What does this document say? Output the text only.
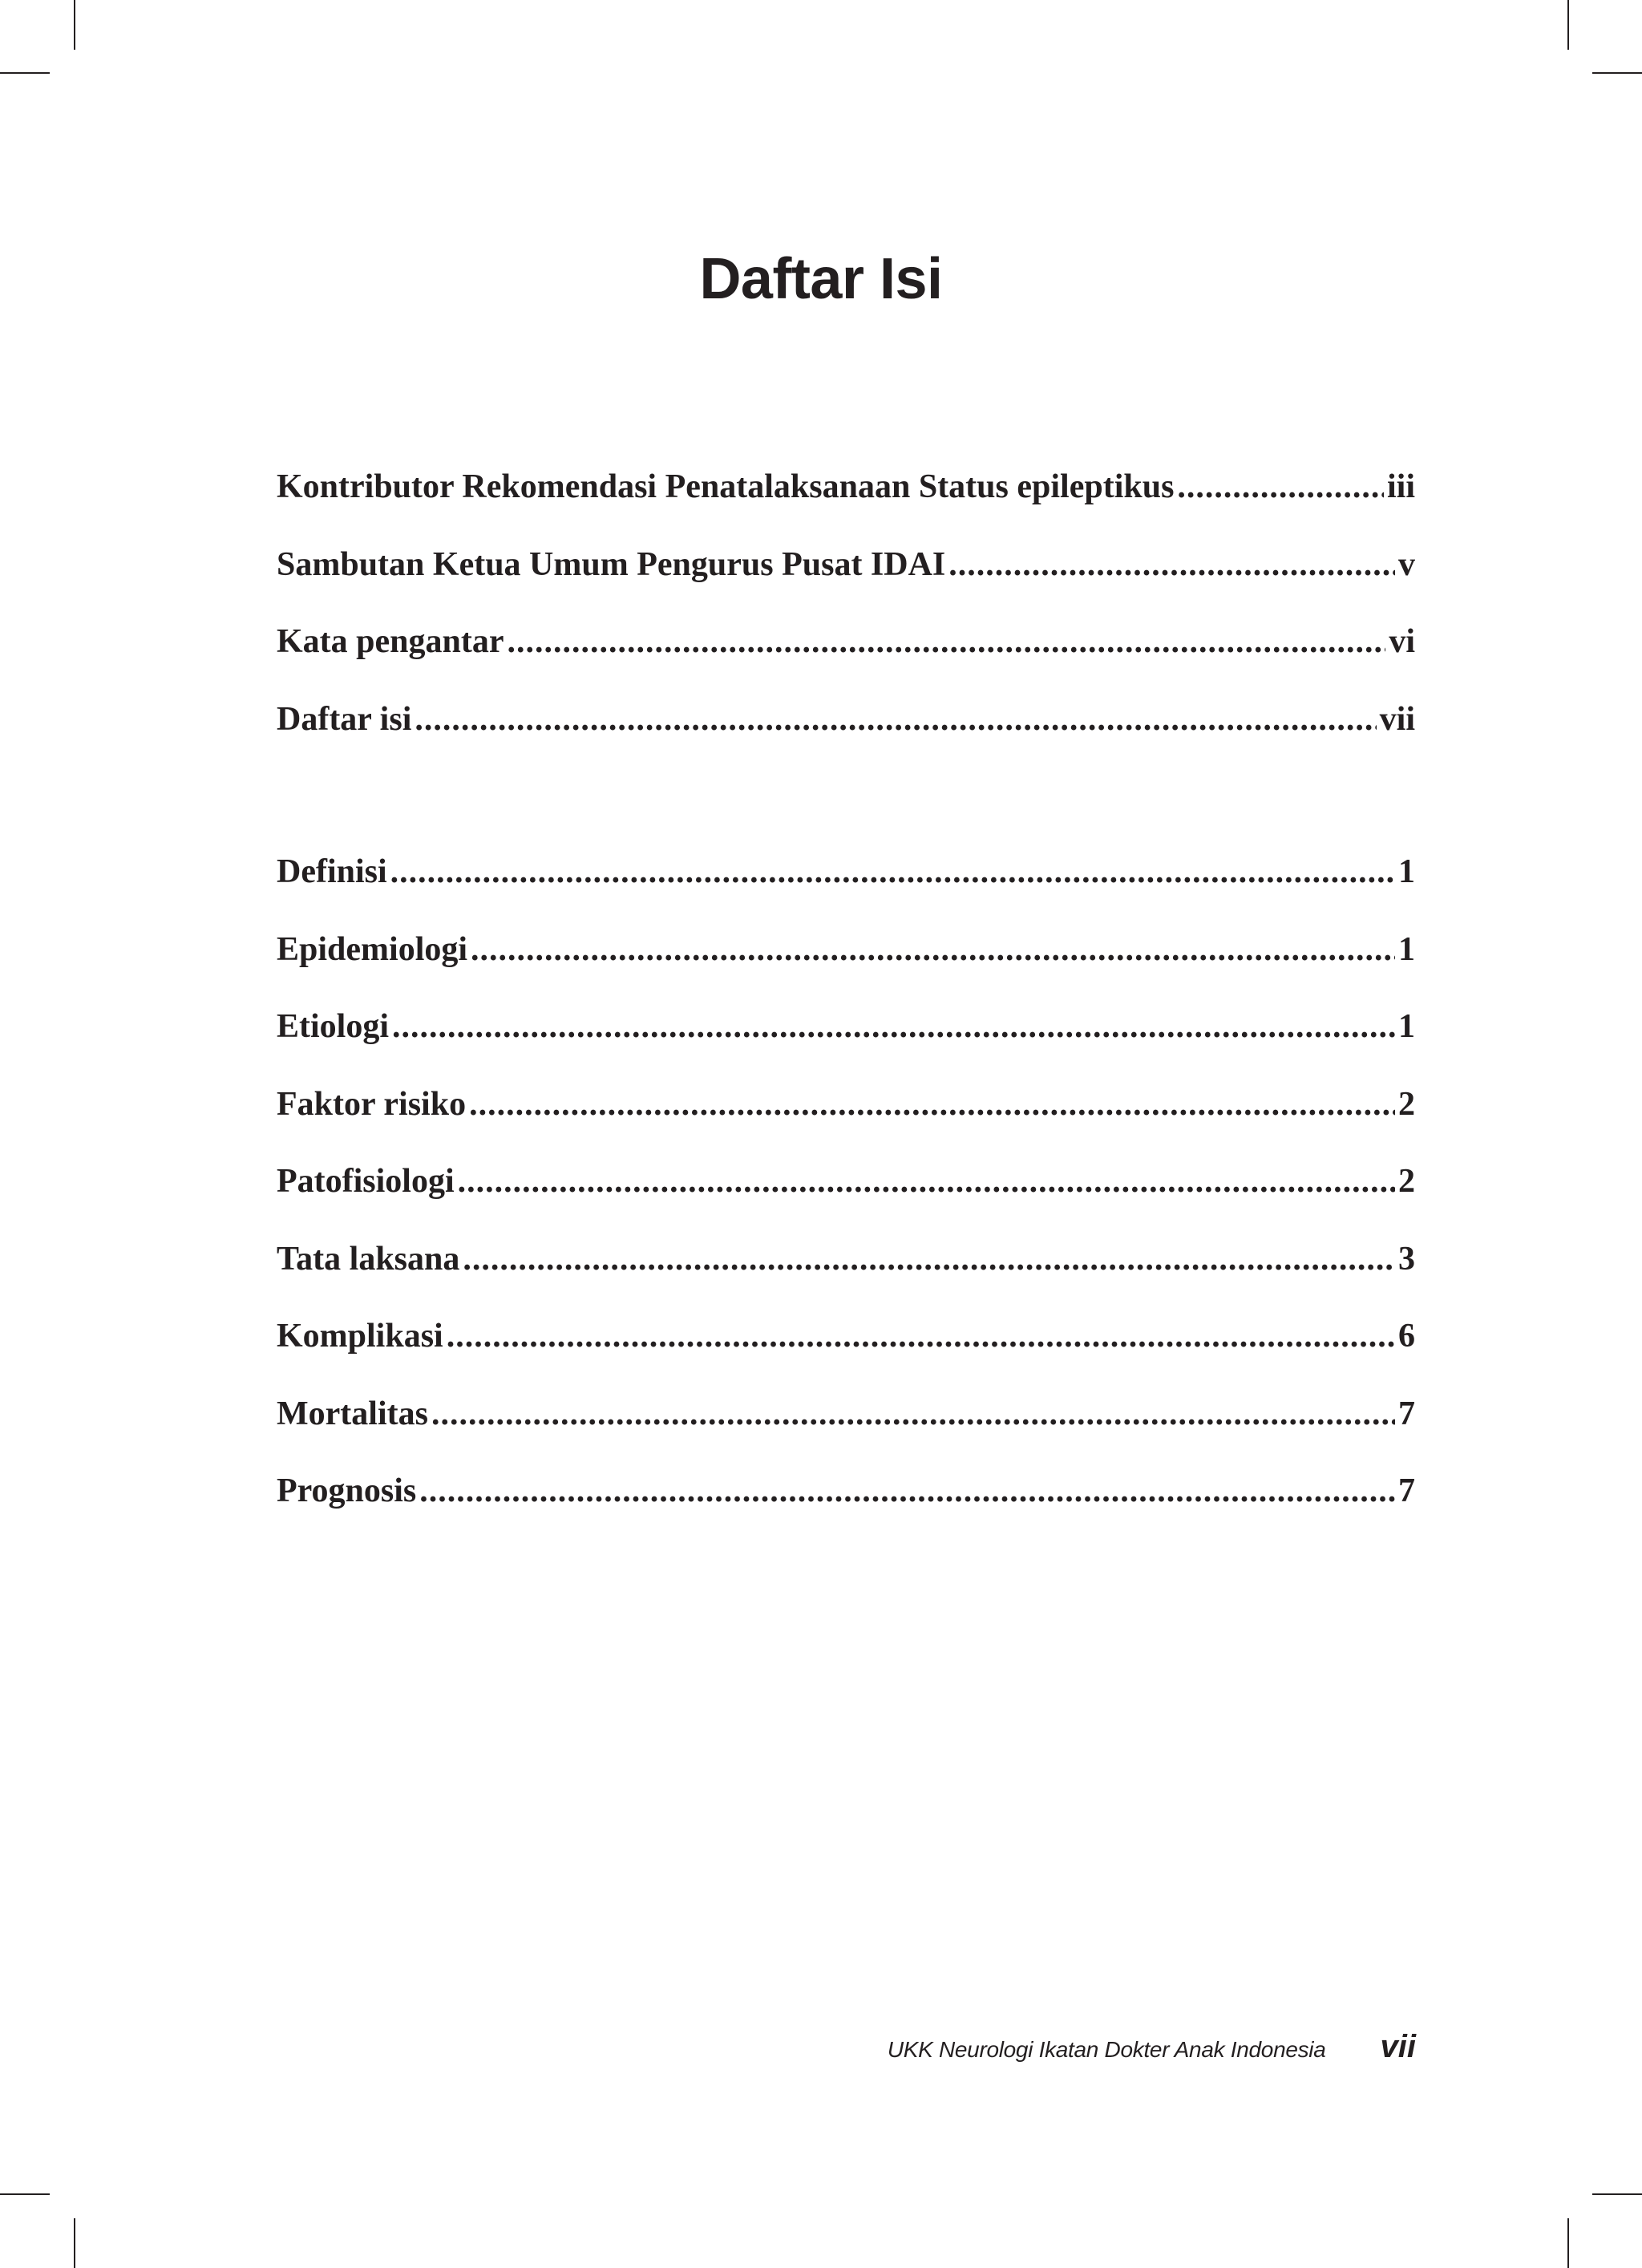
Daftar Isi
Kontributor Rekomendasi Penatalaksanaan Status epileptikus .....	iii
Sambutan Ketua Umum Pengurus Pusat IDAI .....	v
Kata pengantar .....	vi
Daftar isi .....	vii
Definisi .....	1
Epidemiologi .....	1
Etiologi .....	1
Faktor risiko .....	2
Patofisiologi .....	2
Tata laksana .....	3
Komplikasi .....	6
Mortalitas .....	7
Prognosis .....	7
UKK Neurologi Ikatan Dokter Anak Indonesia vii
